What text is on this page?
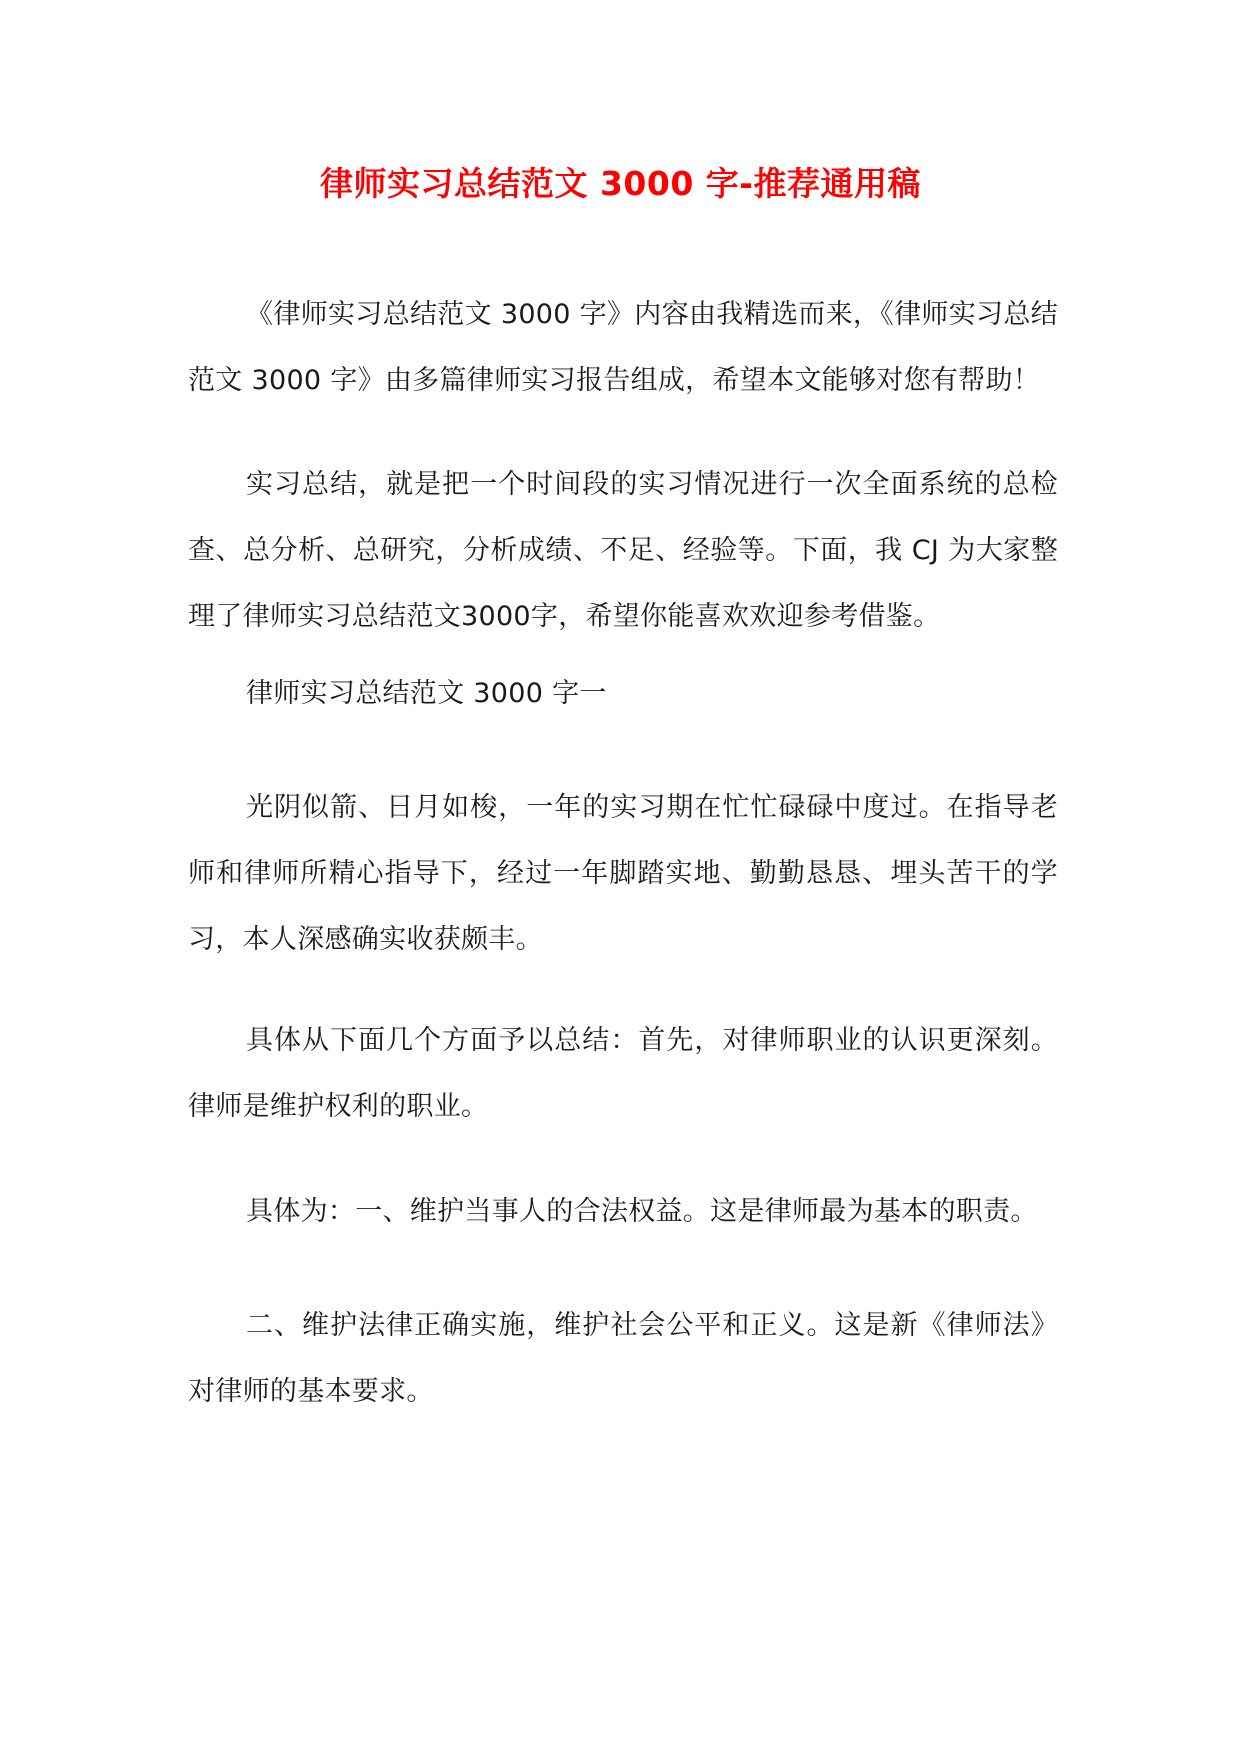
律师实习总结范文 3000 字-推荐通用稿

《律师实习总结范文 3000 字》内容由我精选而来，《律师实习总结范文 3000 字》由多篇律师实习报告组成，希望本文能够对您有帮助！

实习总结，就是把一个时间段的实习情况进行一次全面系统的总检查、总分析、总研究，分析成绩、不足、经验等。下面，我 CJ 为大家整理了律师实习总结范文3000字，希望你能喜欢欢迎参考借鉴。

律师实习总结范文 3000 字一

光阴似箭、日月如梭，一年的实习期在忙忙碌碌中度过。在指导老师和律师所精心指导下，经过一年脚踏实地、勤勤恳恳、埋头苦干的学习，本人深感确实收获颇丰。

具体从下面几个方面予以总结：首先，对律师职业的认识更深刻。律师是维护权利的职业。

具体为：一、维护当事人的合法权益。这是律师最为基本的职责。

二、维护法律正确实施，维护社会公平和正义。这是新《律师法》对律师的基本要求。
